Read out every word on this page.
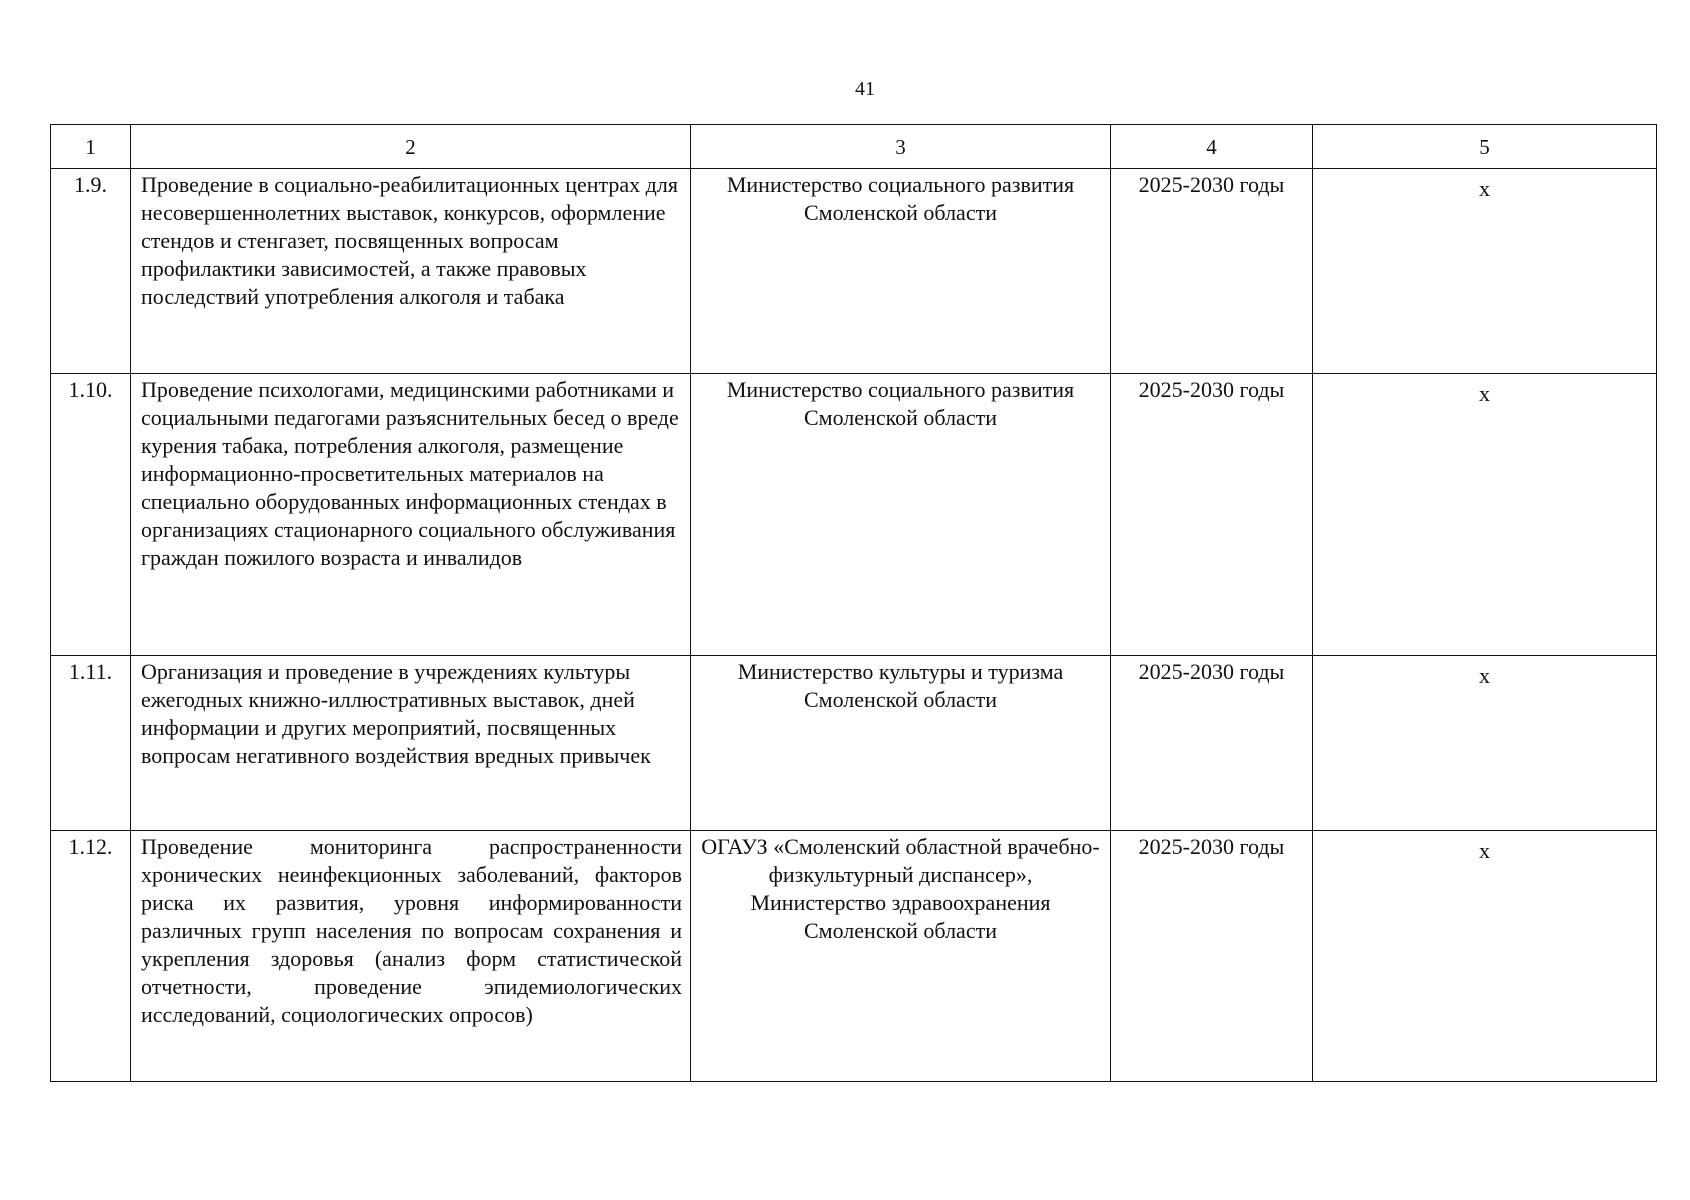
41
1	2	3	4	5
1.9.	Проведение в социально-реабилитационных центрах для несовершеннолетних выставок, конкурсов, оформление стендов и стенгазет, посвященных вопросам профилактики зависимостей, а также правовых последствий употребления алкоголя и табака	Министерство социального развития Смоленской области	2025-2030 годы	х
1.10.	Проведение психологами, медицинскими работниками и социальными педагогами разъяснительных бесед о вреде курения табака, потребления алкоголя, размещение информационно-просветительных материалов на специально оборудованных информационных стендах в организациях стационарного социального обслуживания граждан пожилого возраста и инвалидов	Министерство социального развития Смоленской области	2025-2030 годы	х
1.11.	Организация и проведение в учреждениях культуры ежегодных книжно-иллюстративных выставок, дней информации и других мероприятий, посвященных вопросам негативного воздействия вредных привычек	Министерство культуры и туризма Смоленской области	2025-2030 годы	х
1.12.	Проведение мониторинга распространенности хронических неинфекционных заболеваний, факторов риска их развития, уровня информированности различных групп населения по вопросам сохранения и укрепления здоровья (анализ форм статистической отчетности, проведение эпидемиологических исследований, социологических опросов)	ОГАУЗ «Смоленский областной врачебно-физкультурный диспансер», Министерство здравоохранения Смоленской области	2025-2030 годы	х
